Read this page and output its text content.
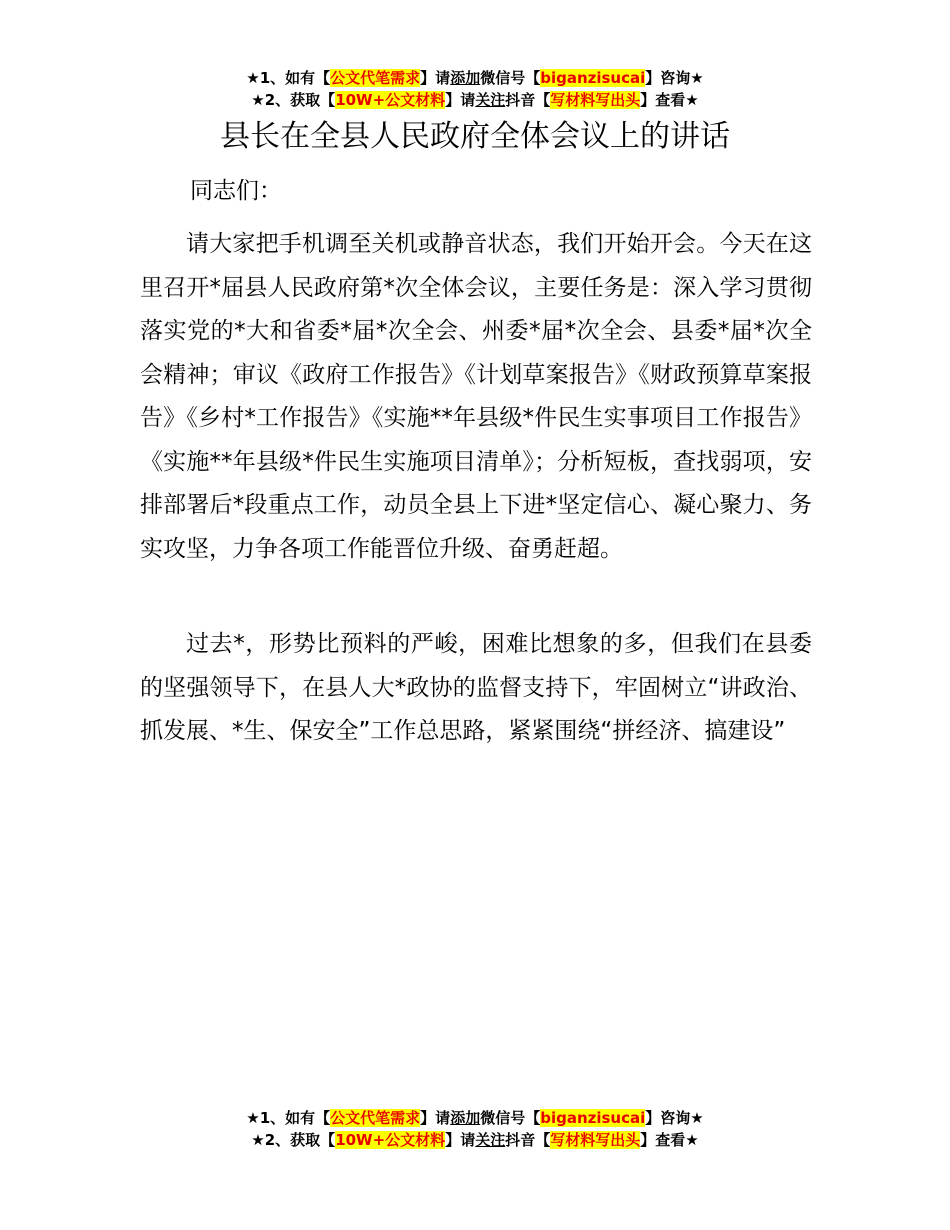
★1、如有【公文代笔需求】请添加微信号【biganzisucai】咨询★
★2、获取【10W+公文材料】请关注抖音【写材料写出头】查看★
县长在全县人民政府全体会议上的讲话

同志们：

请大家把手机调至关机或静音状态，我们开始开会。今天在这里召开*届县人民政府第*次全体会议，主要任务是：深入学习贯彻落实党的*大和省委*届*次全会、州委*届*次全会、县委*届*次全会精神；审议《政府工作报告》《计划草案报告》《财政预算草案报告》《乡村*工作报告》《实施**年县级*件民生实事项目工作报告》《实施**年县级*件民生实施项目清单》；分析短板，查找弱项，安排部署后*段重点工作，动员全县上下进*坚定信心、凝心聚力、务实攻坚，力争各项工作能晋位升级、奋勇赶超。

过去*，形势比预料的严峻，困难比想象的多，但我们在县委的坚强领导下，在县人大*政协的监督支持下，牢固树立“讲政治、抓发展、*生、保安全”工作总思路，紧紧围绕“拼经济、搞建设”

★1、如有【公文代笔需求】请添加微信号【biganzisucai】咨询★
★2、获取【10W+公文材料】请关注抖音【写材料写出头】查看★
